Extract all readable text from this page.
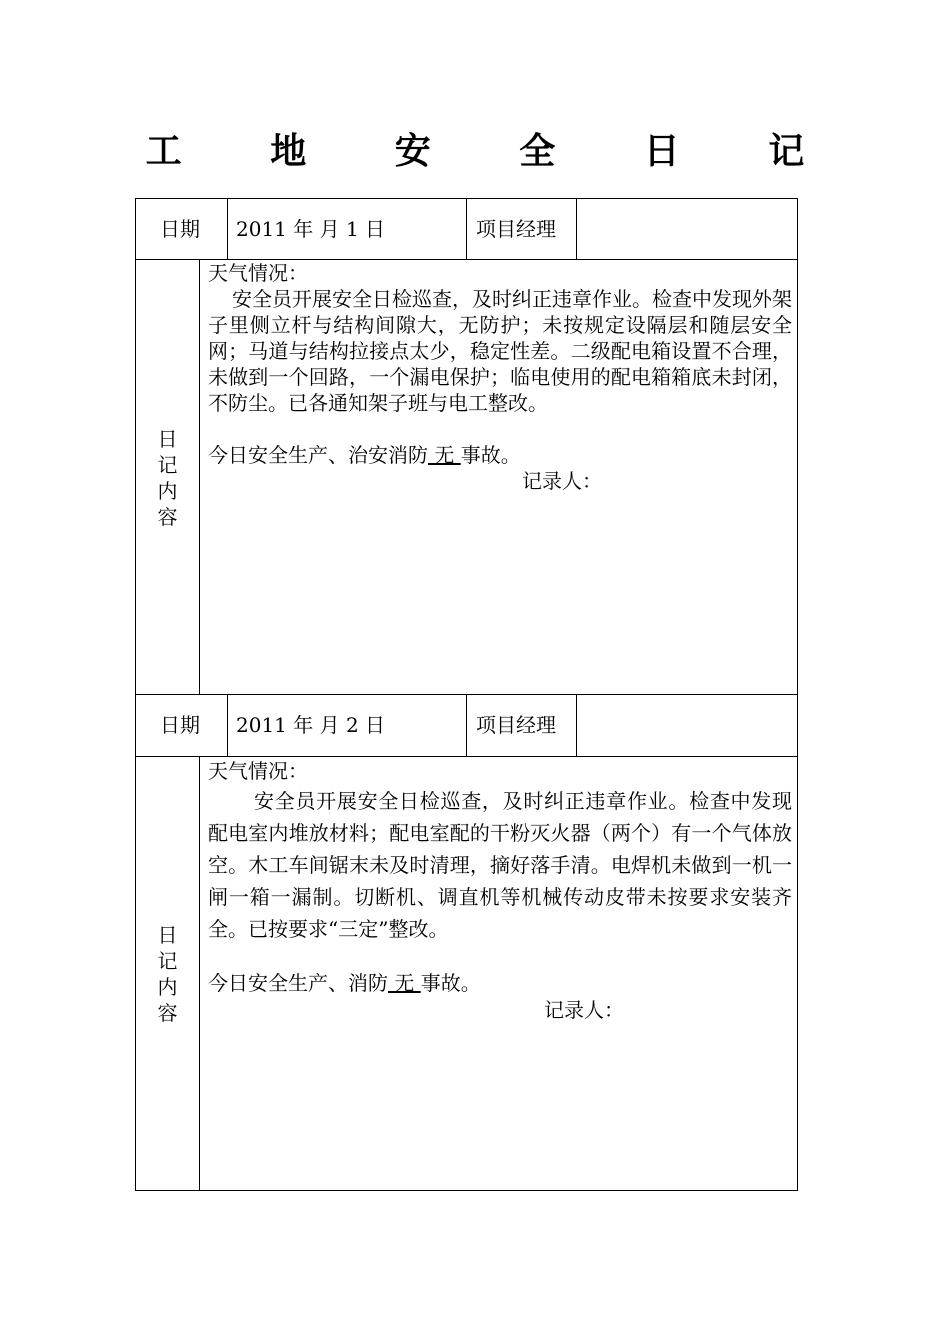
工 地 安 全 日 记
日期 2011 年 月 1 日	项目经理
日
记
内
容

天气情况：

安全员开展安全日检巡查，及时纠正违章作业。检查中发现外架子里侧立杆与结构间隙大，无防护；未按规定设隔层和随层安全网；马道与结构拉接点太少，稳定性差。二级配电箱设置不合理，未做到一个回路，一个漏电保护；临电使用的配电箱箱底未封闭，不防尘。已各通知架子班与电工整改。

今日安全生产、治安消防 无 事故。

记录人：

日期 2011 年 月 2 日	项目经理
日
记
内
容

天气情况：

安全员开展安全日检巡查，及时纠正违章作业。检查中发现配电室内堆放材料；配电室配的干粉灭火器（两个）有一个气体放空。木工车间锯末未及时清理，摘好落手清。电焊机未做到一机一闸一箱一漏制。切断机、调直机等机械传动皮带未按要求安装齐全。已按要求“三定”整改。

今日安全生产、消防 无 事故。

记录人：
